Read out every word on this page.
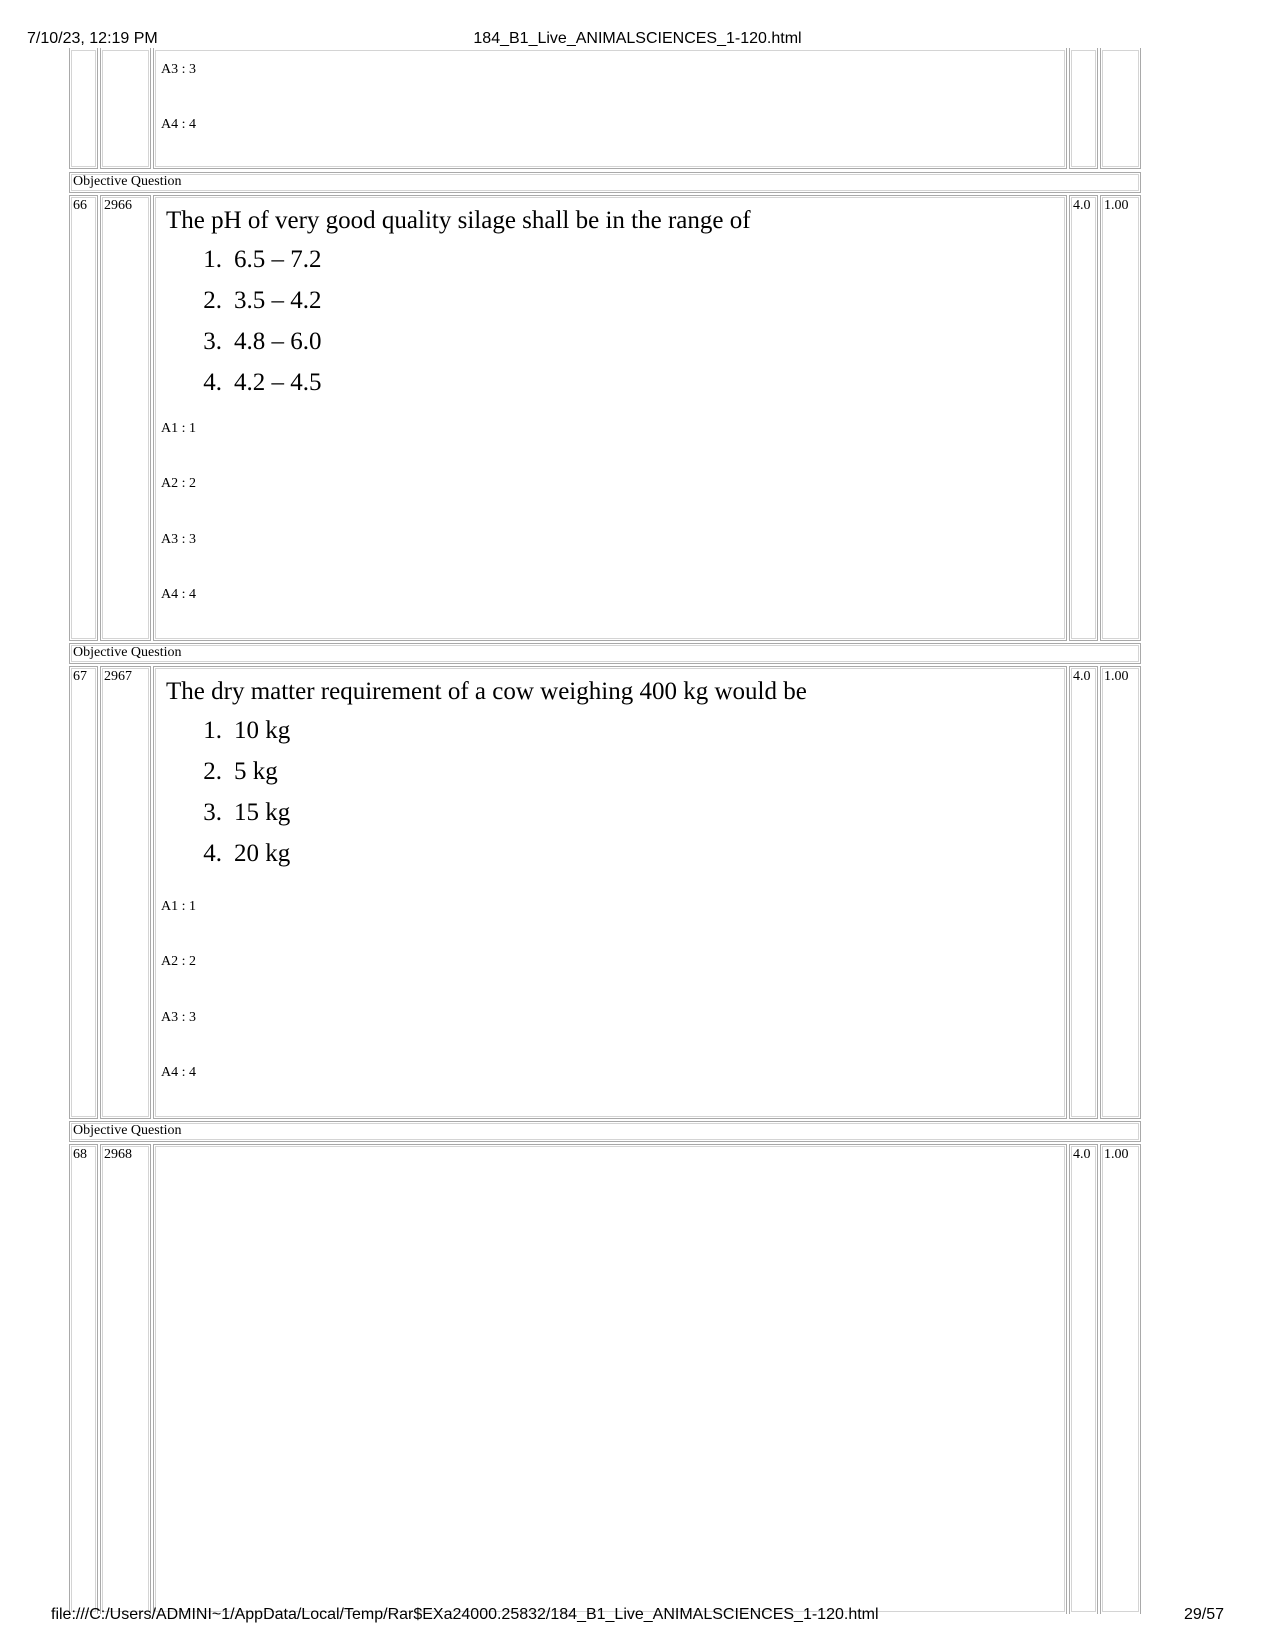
7/10/23, 12:19 PM	184_B1_Live_ANIMALSCIENCES_1-120.html
A3 : 3
A4 : 4
Objective Question
66	2966
The pH of very good quality silage shall be in the range of
1. 6.5 – 7.2
2. 3.5 – 4.2
3. 4.8 – 6.0
4. 4.2 – 4.5
A1 : 1
A2 : 2
A3 : 3
A4 : 4
4.0 1.00
Objective Question
67	2967
The dry matter requirement of a cow weighing 400 kg would be
1. 10 kg
2. 5 kg
3. 15 kg
4. 20 kg
A1 : 1
A2 : 2
A3 : 3
A4 : 4
4.0 1.00
Objective Question
68	2968	4.0 1.00
file:///C:/Users/ADMINI~1/AppData/Local/Temp/Rar$EXa24000.25832/184_B1_Live_ANIMALSCIENCES_1-120.html	29/57
